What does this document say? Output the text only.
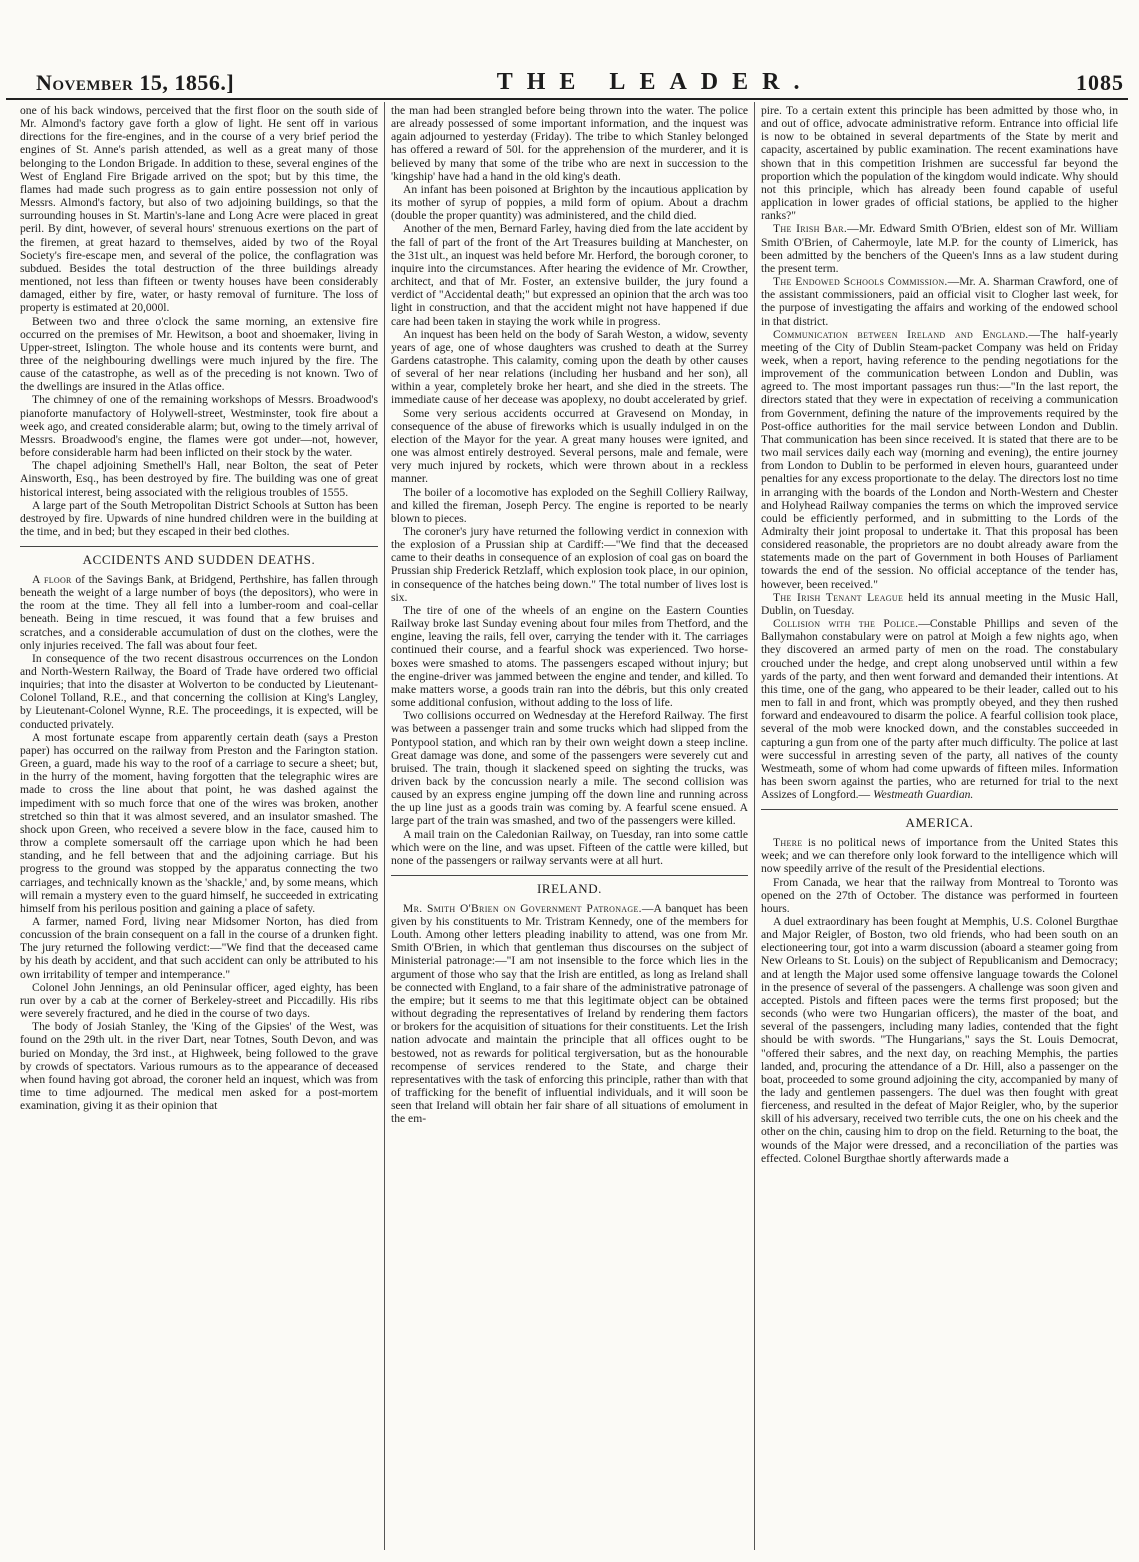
November 15, 1856.]	THE LEADER.	1085

one of his back windows, perceived that the first floor on the south side of Mr. Almond's factory gave forth a glow of light. He sent off in various directions for the fire-engines, and in the course of a very brief period the engines of St. Anne's parish attended, as well as a great many of those belonging to the London Brigade. In addition to these, several engines of the West of England Fire Brigade arrived on the spot; but by this time, the flames had made such progress as to gain entire possession not only of Messrs. Almond's factory, but also of two adjoining buildings, so that the surrounding houses in St. Martin's-lane and Long Acre were placed in great peril. By dint, however, of several hours' strenuous exertions on the part of the firemen, at great hazard to themselves, aided by two of the Royal Society's fire-escape men, and several of the police, the conflagration was subdued. Besides the total destruction of the three buildings already mentioned, not less than fifteen or twenty houses have been considerably damaged, either by fire, water, or hasty removal of furniture. The loss of property is estimated at 20,000l.

Between two and three o'clock the same morning, an extensive fire occurred on the premises of Mr. Hewitson, a boot and shoemaker, living in Upper-street, Islington. The whole house and its contents were burnt, and three of the neighbouring dwellings were much injured by the fire. The cause of the catastrophe, as well as of the preceding is not known. Two of the dwellings are insured in the Atlas office.

The chimney of one of the remaining workshops of Messrs. Broadwood's pianoforte manufactory of Holywell-street, Westminster, took fire about a week ago, and created considerable alarm; but, owing to the timely arrival of Messrs. Broadwood's engine, the flames were got under—not, however, before considerable harm had been inflicted on their stock by the water.

The chapel adjoining Smethell's Hall, near Bolton, the seat of Peter Ainsworth, Esq., has been destroyed by fire. The building was one of great historical interest, being associated with the religious troubles of 1555.

A large part of the South Metropolitan District Schools at Sutton has been destroyed by fire. Upwards of nine hundred children were in the building at the time, and in bed; but they escaped in their bed clothes.

ACCIDENTS AND SUDDEN DEATHS.

A floor of the Savings Bank, at Bridgend, Perthshire, has fallen through beneath the weight of a large number of boys (the depositors), who were in the room at the time. They all fell into a lumber-room and coal-cellar beneath. Being in time rescued, it was found that a few bruises and scratches, and a considerable accumulation of dust on the clothes, were the only injuries received. The fall was about four feet.

In consequence of the two recent disastrous occurrences on the London and North-Western Railway, the Board of Trade have ordered two official inquiries; that into the disaster at Wolverton to be conducted by Lieutenant-Colonel Tolland, R.E., and that concerning the collision at King's Langley, by Lieutenant-Colonel Wynne, R.E. The proceedings, it is expected, will be conducted privately.

A most fortunate escape from apparently certain death (says a Preston paper) has occurred on the railway from Preston and the Farington station. Green, a guard, made his way to the roof of a carriage to secure a sheet; but, in the hurry of the moment, having forgotten that the telegraphic wires are made to cross the line about that point, he was dashed against the impediment with so much force that one of the wires was broken, another stretched so thin that it was almost severed, and an insulator smashed. The shock upon Green, who received a severe blow in the face, caused him to throw a complete somersault off the carriage upon which he had been standing, and he fell between that and the adjoining carriage. But his progress to the ground was stopped by the apparatus connecting the two carriages, and technically known as the 'shackle,' and, by some means, which will remain a mystery even to the guard himself, he succeeded in extricating himself from his perilous position and gaining a place of safety.

A farmer, named Ford, living near Midsomer Norton, has died from concussion of the brain consequent on a fall in the course of a drunken fight. The jury returned the following verdict:—"We find that the deceased came by his death by accident, and that such accident can only be attributed to his own irritability of temper and intemperance."

Colonel John Jennings, an old Peninsular officer, aged eighty, has been run over by a cab at the corner of Berkeley-street and Piccadilly. His ribs were severely fractured, and he died in the course of two days.

The body of Josiah Stanley, the 'King of the Gipsies' of the West, was found on the 29th ult. in the river Dart, near Totnes, South Devon, and was buried on Monday, the 3rd inst., at Highweek, being followed to the grave by crowds of spectators. Various rumours as to the appearance of deceased when found having got abroad, the coroner held an inquest, which was from time to time adjourned. The medical men asked for a post-mortem examination, giving it as their opinion that

the man had been strangled before being thrown into the water. The police are already possessed of some important information, and the inquest was again adjourned to yesterday (Friday). The tribe to which Stanley belonged has offered a reward of 50l. for the apprehension of the murderer, and it is believed by many that some of the tribe who are next in succession to the 'kingship' have had a hand in the old king's death.

An infant has been poisoned at Brighton by the incautious application by its mother of syrup of poppies, a mild form of opium. About a drachm (double the proper quantity) was administered, and the child died.

Another of the men, Bernard Farley, having died from the late accident by the fall of part of the front of the Art Treasures building at Manchester, on the 31st ult., an inquest was held before Mr. Herford, the borough coroner, to inquire into the circumstances. After hearing the evidence of Mr. Crowther, architect, and that of Mr. Foster, an extensive builder, the jury found a verdict of "Accidental death;" but expressed an opinion that the arch was too light in construction, and that the accident might not have happened if due care had been taken in staying the work while in progress.

An inquest has been held on the body of Sarah Weston, a widow, seventy years of age, one of whose daughters was crushed to death at the Surrey Gardens catastrophe. This calamity, coming upon the death by other causes of several of her near relations (including her husband and her son), all within a year, completely broke her heart, and she died in the streets. The immediate cause of her decease was apoplexy, no doubt accelerated by grief.

Some very serious accidents occurred at Gravesend on Monday, in consequence of the abuse of fireworks which is usually indulged in on the election of the Mayor for the year. A great many houses were ignited, and one was almost entirely destroyed. Several persons, male and female, were very much injured by rockets, which were thrown about in a reckless manner.

The boiler of a locomotive has exploded on the Seghill Colliery Railway, and killed the fireman, Joseph Percy. The engine is reported to be nearly blown to pieces.

The coroner's jury have returned the following verdict in connexion with the explosion of a Prussian ship at Cardiff:—"We find that the deceased came to their deaths in consequence of an explosion of coal gas on board the Prussian ship Frederick Retzlaff, which explosion took place, in our opinion, in consequence of the hatches being down." The total number of lives lost is six.

The tire of one of the wheels of an engine on the Eastern Counties Railway broke last Sunday evening about four miles from Thetford, and the engine, leaving the rails, fell over, carrying the tender with it. The carriages continued their course, and a fearful shock was experienced. Two horse-boxes were smashed to atoms. The passengers escaped without injury; but the engine-driver was jammed between the engine and tender, and killed. To make matters worse, a goods train ran into the débris, but this only created some additional confusion, without adding to the loss of life.

Two collisions occurred on Wednesday at the Hereford Railway. The first was between a passenger train and some trucks which had slipped from the Pontypool station, and which ran by their own weight down a steep incline. Great damage was done, and some of the passengers were severely cut and bruised. The train, though it slackened speed on sighting the trucks, was driven back by the concussion nearly a mile. The second collision was caused by an express engine jumping off the down line and running across the up line just as a goods train was coming by. A fearful scene ensued. A large part of the train was smashed, and two of the passengers were killed.

A mail train on the Caledonian Railway, on Tuesday, ran into some cattle which were on the line, and was upset. Fifteen of the cattle were killed, but none of the passengers or railway servants were at all hurt.

IRELAND.

Mr. Smith O'Brien on Government Patronage.—A banquet has been given by his constituents to Mr. Tristram Kennedy, one of the members for Louth. Among other letters pleading inability to attend, was one from Mr. Smith O'Brien, in which that gentleman thus discourses on the subject of Ministerial patronage:—"I am not insensible to the force which lies in the argument of those who say that the Irish are entitled, as long as Ireland shall be connected with England, to a fair share of the administrative patronage of the empire; but it seems to me that this legitimate object can be obtained without degrading the representatives of Ireland by rendering them factors or brokers for the acquisition of situations for their constituents. Let the Irish nation advocate and maintain the principle that all offices ought to be bestowed, not as rewards for political tergiversation, but as the honourable recompense of services rendered to the State, and charge their representatives with the task of enforcing this principle, rather than with that of trafficking for the benefit of influential individuals, and it will soon be seen that Ireland will obtain her fair share of all situations of emolument in the em-

pire. To a certain extent this principle has been admitted by those who, in and out of office, advocate administrative reform. Entrance into official life is now to be obtained in several departments of the State by merit and capacity, ascertained by public examination. The recent examinations have shown that in this competition Irishmen are successful far beyond the proportion which the population of the kingdom would indicate. Why should not this principle, which has already been found capable of useful application in lower grades of official stations, be applied to the higher ranks?"

The Irish Bar.—Mr. Edward Smith O'Brien, eldest son of Mr. William Smith O'Brien, of Cahermoyle, late M.P. for the county of Limerick, has been admitted by the benchers of the Queen's Inns as a law student during the present term.

The Endowed Schools Commission.—Mr. A. Sharman Crawford, one of the assistant commissioners, paid an official visit to Clogher last week, for the purpose of investigating the affairs and working of the endowed school in that district.

Communication between Ireland and England.—The half-yearly meeting of the City of Dublin Steam-packet Company was held on Friday week, when a report, having reference to the pending negotiations for the improvement of the communication between London and Dublin, was agreed to. The most important passages run thus:—"In the last report, the directors stated that they were in expectation of receiving a communication from Government, defining the nature of the improvements required by the Post-office authorities for the mail service between London and Dublin. That communication has been since received. It is stated that there are to be two mail services daily each way (morning and evening), the entire journey from London to Dublin to be performed in eleven hours, guaranteed under penalties for any excess proportionate to the delay. The directors lost no time in arranging with the boards of the London and North-Western and Chester and Holyhead Railway companies the terms on which the improved service could be efficiently performed, and in submitting to the Lords of the Admiralty their joint proposal to undertake it. That this proposal has been considered reasonable, the proprietors are no doubt already aware from the statements made on the part of Government in both Houses of Parliament towards the end of the session. No official acceptance of the tender has, however, been received."

The Irish Tenant League held its annual meeting in the Music Hall, Dublin, on Tuesday.

Collision with the Police.—Constable Phillips and seven of the Ballymahon constabulary were on patrol at Moigh a few nights ago, when they discovered an armed party of men on the road. The constabulary crouched under the hedge, and crept along unobserved until within a few yards of the party, and then went forward and demanded their intentions. At this time, one of the gang, who appeared to be their leader, called out to his men to fall in and front, which was promptly obeyed, and they then rushed forward and endeavoured to disarm the police. A fearful collision took place, several of the mob were knocked down, and the constables succeeded in capturing a gun from one of the party after much difficulty. The police at last were successful in arresting seven of the party, all natives of the county Westmeath, some of whom had come upwards of fifteen miles. Information has been sworn against the parties, who are returned for trial to the next Assizes of Longford.— Westmeath Guardian.

AMERICA.

There is no political news of importance from the United States this week; and we can therefore only look forward to the intelligence which will now speedily arrive of the result of the Presidential elections.

From Canada, we hear that the railway from Montreal to Toronto was opened on the 27th of October. The distance was performed in fourteen hours.

A duel extraordinary has been fought at Memphis, U.S. Colonel Burgthae and Major Reigler, of Boston, two old friends, who had been south on an electioneering tour, got into a warm discussion (aboard a steamer going from New Orleans to St. Louis) on the subject of Republicanism and Democracy; and at length the Major used some offensive language towards the Colonel in the presence of several of the passengers. A challenge was soon given and accepted. Pistols and fifteen paces were the terms first proposed; but the seconds (who were two Hungarian officers), the master of the boat, and several of the passengers, including many ladies, contended that the fight should be with swords. "The Hungarians," says the St. Louis Democrat, "offered their sabres, and the next day, on reaching Memphis, the parties landed, and, procuring the attendance of a Dr. Hill, also a passenger on the boat, proceeded to some ground adjoining the city, accompanied by many of the lady and gentlemen passengers. The duel was then fought with great fierceness, and resulted in the defeat of Major Reigler, who, by the superior skill of his adversary, received two terrible cuts, the one on his cheek and the other on the chin, causing him to drop on the field. Returning to the boat, the wounds of the Major were dressed, and a reconciliation of the parties was effected. Colonel Burgthae shortly afterwards made a
